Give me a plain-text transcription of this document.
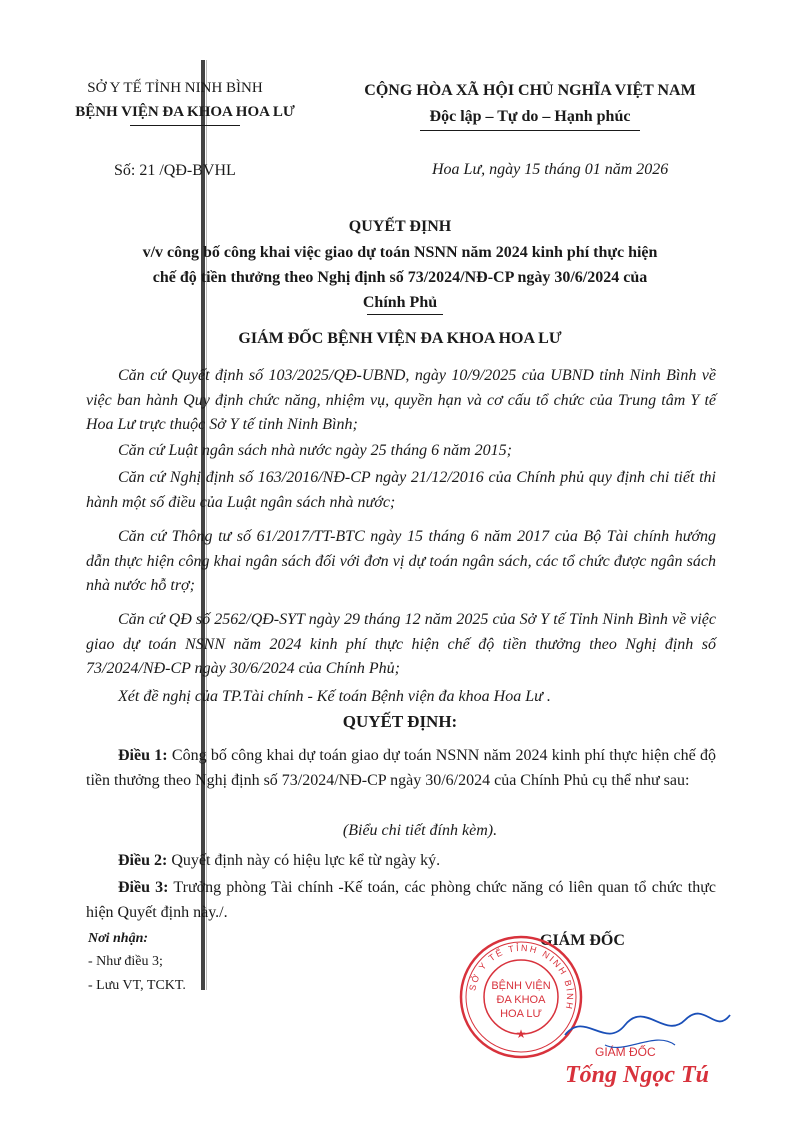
SỞ Y TẾ TỈNH NINH BÌNH
BỆNH VIỆN ĐA KHOA HOA LƯ
Số: 21 /QĐ-BVHL
CỘNG HÒA XÃ HỘI CHỦ NGHĨA VIỆT NAM
Độc lập – Tự do – Hạnh phúc
Hoa Lư, ngày 15 tháng 01 năm 2026
QUYẾT ĐỊNH
v/v công bố công khai việc giao dự toán NSNN năm 2024 kinh phí thực hiện
chế độ tiền thưởng theo Nghị định số 73/2024/NĐ-CP ngày 30/6/2024 của
Chính Phủ
GIÁM ĐỐC BỆNH VIỆN ĐA KHOA HOA LƯ
Căn cứ Quyết định số 103/2025/QĐ-UBND, ngày 10/9/2025 của UBND tỉnh Ninh Bình về việc ban hành Quy định chức năng, nhiệm vụ, quyền hạn và cơ cấu tổ chức của Trung tâm Y tế Hoa Lư trực thuộc Sở Y tế tỉnh Ninh Bình;
Căn cứ Luật ngân sách nhà nước ngày 25 tháng 6 năm 2015;
Căn cứ Nghị định số 163/2016/NĐ-CP ngày 21/12/2016 của Chính phủ quy định chi tiết thi hành một số điều của Luật ngân sách nhà nước;
Căn cứ Thông tư số 61/2017/TT-BTC ngày 15 tháng 6 năm 2017 của Bộ Tài chính hướng dẫn thực hiện công khai ngân sách đối với đơn vị dự toán ngân sách, các tổ chức được ngân sách nhà nước hỗ trợ;
Căn cứ QĐ số 2562/QĐ-SYT ngày 29 tháng 12 năm 2025 của Sở Y tế Tỉnh Ninh Bình về việc giao dự toán NSNN năm 2024 kinh phí thực hiện chế độ tiền thưởng theo Nghị định số 73/2024/NĐ-CP ngày 30/6/2024 của Chính Phủ;
Xét đề nghị của TP.Tài chính - Kế toán Bệnh viện đa khoa Hoa Lư .
QUYẾT ĐỊNH:
Điều 1: Công bố công khai dự toán giao dự toán NSNN năm 2024 kinh phí thực hiện chế độ tiền thưởng theo Nghị định số 73/2024/NĐ-CP ngày 30/6/2024 của Chính Phủ cụ thể như sau:
(Biểu chi tiết đính kèm).
Điều 2: Quyết định này có hiệu lực kể từ ngày ký.
Điều 3: Trưởng phòng Tài chính -Kế toán, các phòng chức năng có liên quan tổ chức thực hiện Quyết định này./.
Nơi nhận:
- Như điều 3;
- Lưu VT, TCKT.
GIÁM ĐỐC
SỞ Y TẾ TỈNH NINH BÌNH
BỆNH VIỆN
ĐA KHOA
HOA LƯ
★
GIÁM ĐỐC
Tống Ngọc Tú
